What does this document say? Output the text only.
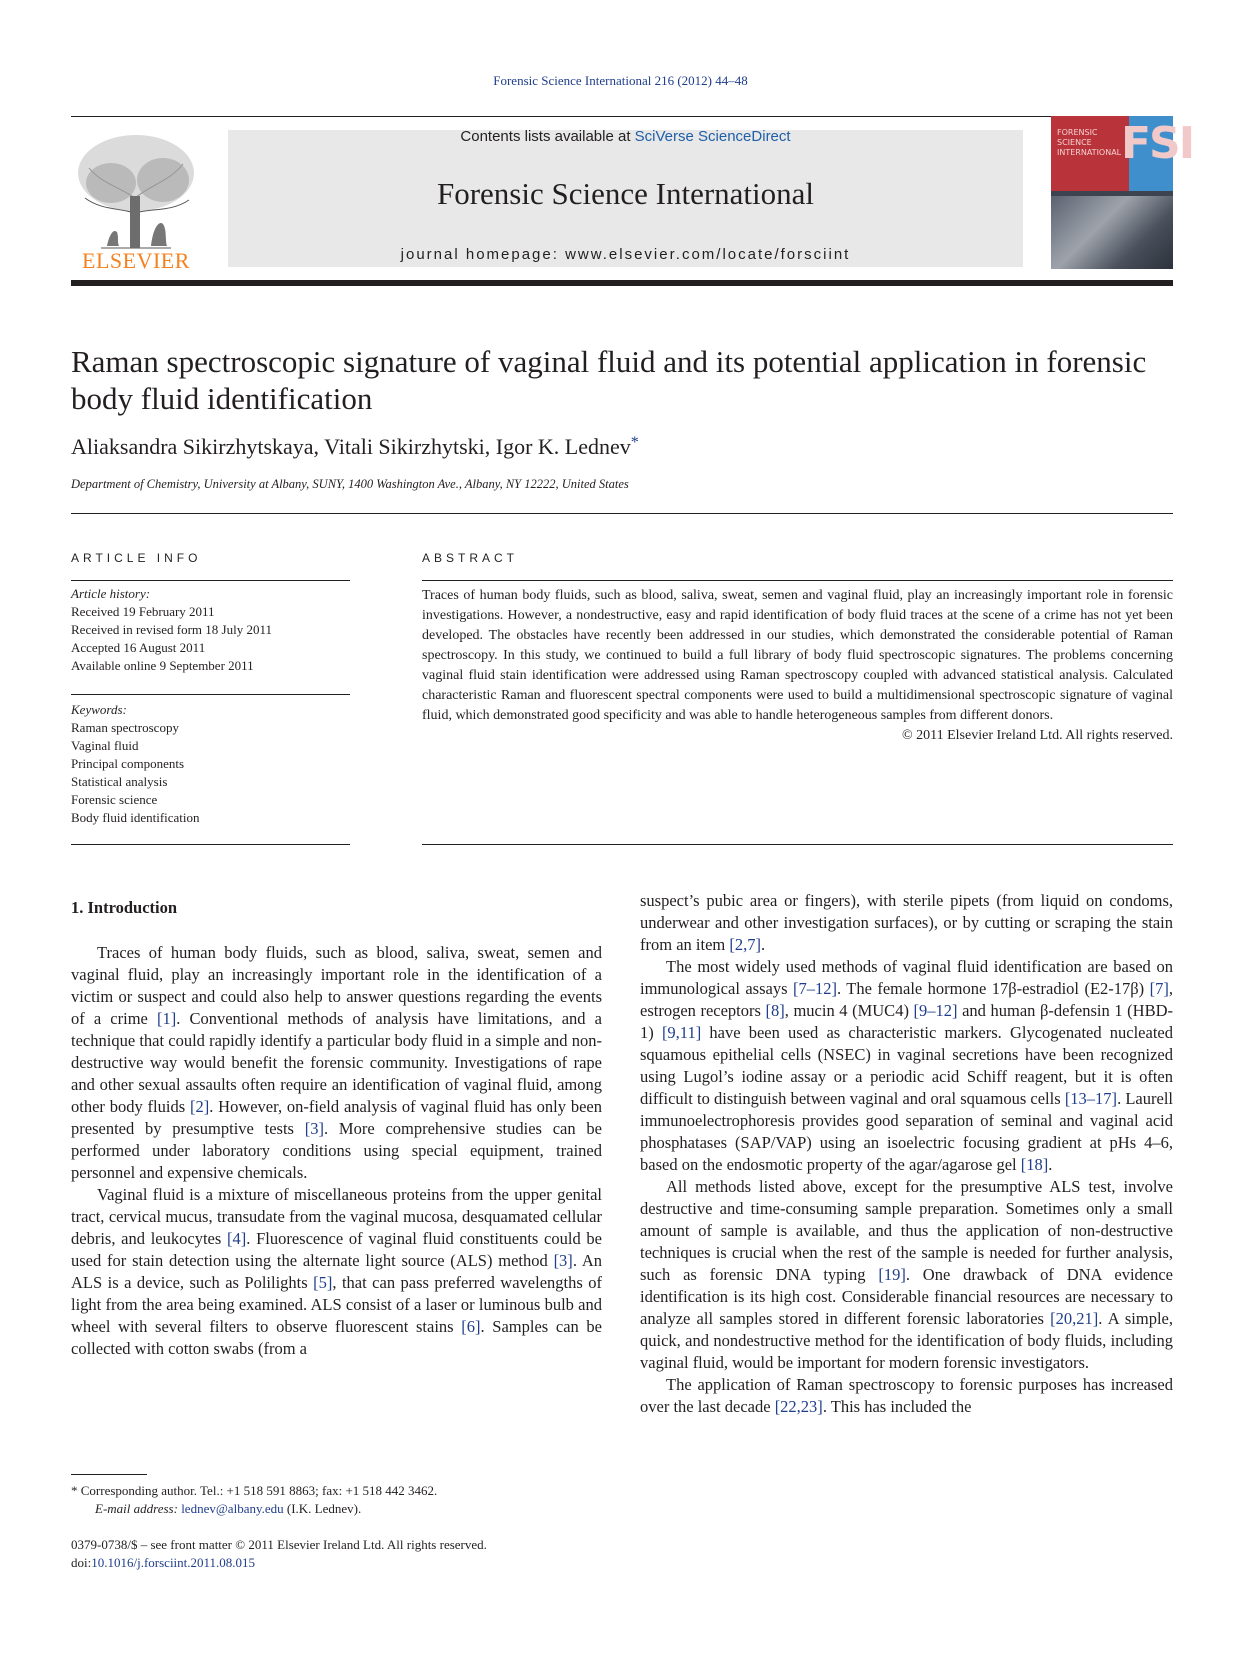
Forensic Science International 216 (2012) 44–48
ELSEVIER
Contents lists available at SciVerse ScienceDirect
Forensic Science International
journal homepage: www.elsevier.com/locate/forsciint
FORENSIC SCIENCE INTERNATIONAL FSI
Raman spectroscopic signature of vaginal fluid and its potential application in forensic body fluid identification
Aliaksandra Sikirzhytskaya, Vitali Sikirzhytski, Igor K. Lednev*
Department of Chemistry, University at Albany, SUNY, 1400 Washington Ave., Albany, NY 12222, United States
ARTICLE INFO	ABSTRACT
Article history:
Received 19 February 2011
Received in revised form 18 July 2011
Accepted 16 August 2011
Available online 9 September 2011
Keywords:
Raman spectroscopy
Vaginal fluid
Principal components
Statistical analysis
Forensic science
Body fluid identification
Traces of human body fluids, such as blood, saliva, sweat, semen and vaginal fluid, play an increasingly important role in forensic investigations. However, a nondestructive, easy and rapid identification of body fluid traces at the scene of a crime has not yet been developed. The obstacles have recently been addressed in our studies, which demonstrated the considerable potential of Raman spectroscopy. In this study, we continued to build a full library of body fluid spectroscopic signatures. The problems concerning vaginal fluid stain identification were addressed using Raman spectroscopy coupled with advanced statistical analysis. Calculated characteristic Raman and fluorescent spectral components were used to build a multidimensional spectroscopic signature of vaginal fluid, which demonstrated good specificity and was able to handle heterogeneous samples from different donors.
© 2011 Elsevier Ireland Ltd. All rights reserved.
1. Introduction

Traces of human body fluids, such as blood, saliva, sweat, semen and vaginal fluid, play an increasingly important role in the identification of a victim or suspect and could also help to answer questions regarding the events of a crime [1]. Conventional methods of analysis have limitations, and a technique that could rapidly identify a particular body fluid in a simple and non-destructive way would benefit the forensic community. Investigations of rape and other sexual assaults often require an identification of vaginal fluid, among other body fluids [2]. However, on-field analysis of vaginal fluid has only been presented by presumptive tests [3]. More comprehensive studies can be performed under laboratory conditions using special equipment, trained personnel and expensive chemicals.

Vaginal fluid is a mixture of miscellaneous proteins from the upper genital tract, cervical mucus, transudate from the vaginal mucosa, desquamated cellular debris, and leukocytes [4]. Fluorescence of vaginal fluid constituents could be used for stain detection using the alternate light source (ALS) method [3]. An ALS is a device, such as Polilights [5], that can pass preferred wavelengths of light from the area being examined. ALS consist of a laser or luminous bulb and wheel with several filters to observe fluorescent stains [6]. Samples can be collected with cotton swabs (from a

suspect’s pubic area or fingers), with sterile pipets (from liquid on condoms, underwear and other investigation surfaces), or by cutting or scraping the stain from an item [2,7].

The most widely used methods of vaginal fluid identification are based on immunological assays [7–12]. The female hormone 17β-estradiol (E2-17β) [7], estrogen receptors [8], mucin 4 (MUC4) [9–12] and human β-defensin 1 (HBD-1) [9,11] have been used as characteristic markers. Glycogenated nucleated squamous epithelial cells (NSEC) in vaginal secretions have been recognized using Lugol’s iodine assay or a periodic acid Schiff reagent, but it is often difficult to distinguish between vaginal and oral squamous cells [13–17]. Laurell immunoelectrophoresis provides good separation of seminal and vaginal acid phosphatases (SAP/VAP) using an isoelectric focusing gradient at pHs 4–6, based on the endosmotic property of the agar/agarose gel [18].

All methods listed above, except for the presumptive ALS test, involve destructive and time-consuming sample preparation. Sometimes only a small amount of sample is available, and thus the application of non-destructive techniques is crucial when the rest of the sample is needed for further analysis, such as forensic DNA typing [19]. One drawback of DNA evidence identification is its high cost. Considerable financial resources are necessary to analyze all samples stored in different forensic laboratories [20,21]. A simple, quick, and nondestructive method for the identification of body fluids, including vaginal fluid, would be important for modern forensic investigators.

The application of Raman spectroscopy to forensic purposes has increased over the last decade [22,23]. This has included the

* Corresponding author. Tel.: +1 518 591 8863; fax: +1 518 442 3462.
E-mail address: lednev@albany.edu (I.K. Lednev).
0379-0738/$ – see front matter © 2011 Elsevier Ireland Ltd. All rights reserved.
doi:10.1016/j.forsciint.2011.08.015
